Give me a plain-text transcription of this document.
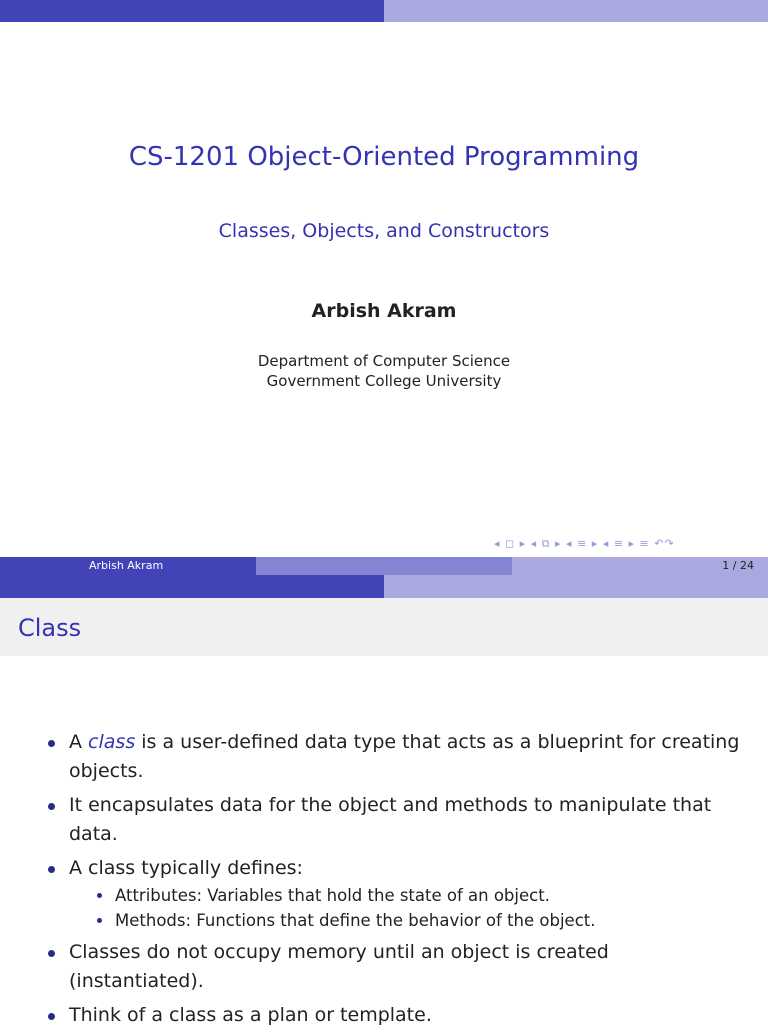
CS-1201 Object-Oriented Programming
Classes, Objects, and Constructors
Arbish Akram
Department of Computer Science
Government College University
◂ ◻ ▸ ◂ ⧉ ▸ ◂ ≡ ▸ ◂ ≡ ▸ ≡ ↶↷
Arbish Akram	1 / 24
Class
A class is a user-defined data type that acts as a blueprint for creating objects.
It encapsulates data for the object and methods to manipulate that data.
A class typically defines:
Attributes: Variables that hold the state of an object.
Methods: Functions that define the behavior of the object.
Classes do not occupy memory until an object is created (instantiated).
Think of a class as a plan or template.
